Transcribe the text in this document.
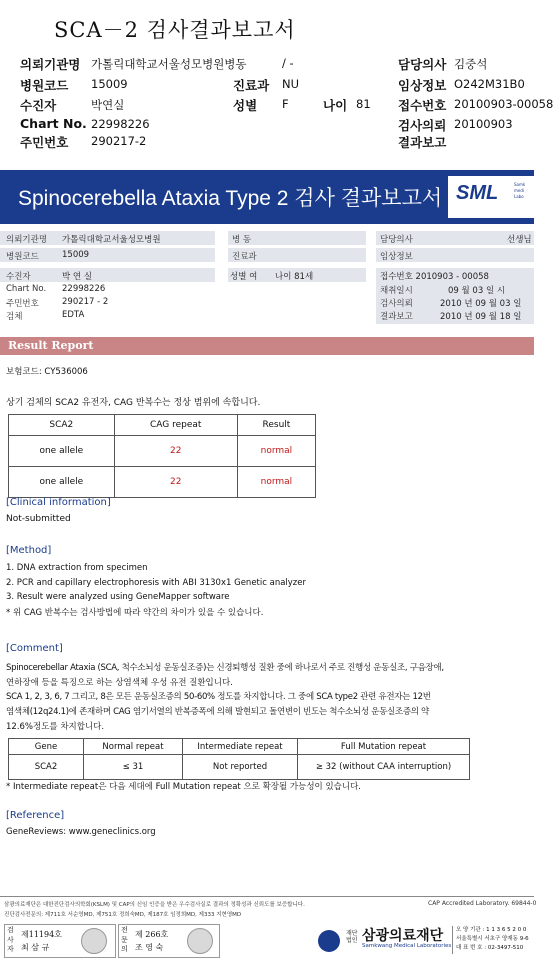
SCA－2 검사결과보고서
의뢰기관명 가톨릭대학교서울성모병원병동	/ -	담당의사 김중석
병원코드 15009	진료과 NU	임상정보 O242M31B0
수진자	박연실	성별 F	나이 81 접수번호 20100903-00058
Chart No. 22998226	검사의뢰 20100903
주민번호 290217-2	결과보고
Spinocerebella Ataxia Type 2 검사 결과보고서 SML	Samk
medi
Labo
의뢰기관명 가톨릭대학교서울성모병원	병 동	담당의사	선생님
병원코드	15009	진료과	임상정보
수진자	박 연 실	성별 여 나이 81세	접수번호 2010903 - 00058
Chart No. 22998226	채취일시	09 월 03 일 시
주민번호	290217 - 2	검사의뢰	2010 년 09 월 03 일
검체	EDTA	결과보고	2010 년 09 월 18 일
Result Report
보험코드: CY536006
상기 검체의 SCA2 유전자, CAG 반복수는 정상 범위에 속합니다.
SCA2	CAG repeat	Result
one allele	22	normal
one allele	22	normal
[Clinical information]
Not-submitted
[Method]
1. DNA extraction from specimen
2. PCR and capillary electrophoresis with ABI 3130x1 Genetic analyzer
3. Result were analyzed using GeneMapper software
* 위 CAG 반복수는 검사방법에 따라 약간의 차이가 있을 수 있습니다.
[Comment]
Spinocerebellar Ataxia (SCA, 척수소뇌성 운동실조증)는 신경퇴행성 질환 중에 하나로서 주로 진행성 운동실조, 구음장애,
연하장애 등을 특징으로 하는 상염색체 우성 유전 질환입니다.
SCA 1, 2, 3, 6, 7 그리고, 8은 모든 운동실조증의 50-60% 정도를 차지합니다. 그 중에 SCA type2 관련 유전자는 12번
염색체(12q24.1)에 존재하며 CAG 염기서열의 반복증폭에 의해 발현되고 돌연변이 빈도는 척수소뇌성 운동실조증의 약
12.6%정도를 차지합니다.
Gene	Normal repeat	Intermediate repeat	Full Mutation repeat
SCA2	≤ 31	Not reported	≥ 32 (without CAA interruption)
* Intermediate repeat은 다음 세대에 Full Mutation repeat 으로 확장될 가능성이 있습니다.
[Reference]
GeneReviews: www.geneclinics.org
삼광의료재단은 대한진단검사의학회(KSLM) 및 CAP의 신임 인증을 받은 우수검사실로 결과의 정확성과 신뢰도를 보증합니다.
진단검사전문의: 제711호 서순영MD, 제751호 정희숙MD, 제187호 임정희MD, 제333 지현영MD
CAP Accredited Laboratory. 69844-0
검
사
자
제11194호
최 삼 규
전
문
의
제 266호
조 영 숙
재단 법인 삼광의료재단
Samkwang Medical Laboratories
오 양 기관 : 1 1 3 6 5 2 0 0
서울특별시 서초구 양재동 9-6
대 표 번 호 : 02-3497-510
